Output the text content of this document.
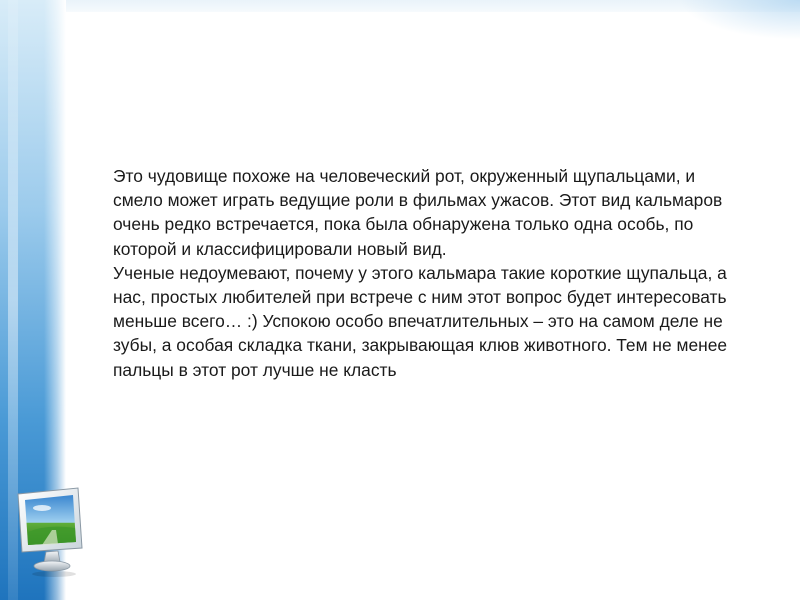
Это чудовище похоже на человеческий рот, окруженный щупальцами, и смело может играть ведущие роли в фильмах ужасов. Этот вид кальмаров очень редко встречается, пока была обнаружена только одна особь, по которой и классифицировали новый вид.

Ученые недоумевают, почему у этого кальмара такие короткие щупальца, а нас, простых любителей при встрече с ним этот вопрос будет интересовать меньше всего… :) Успокою особо впечатлительных – это на самом деле не зубы, а особая складка ткани, закрывающая клюв животного. Тем не менее пальцы в этот рот лучше не класть
